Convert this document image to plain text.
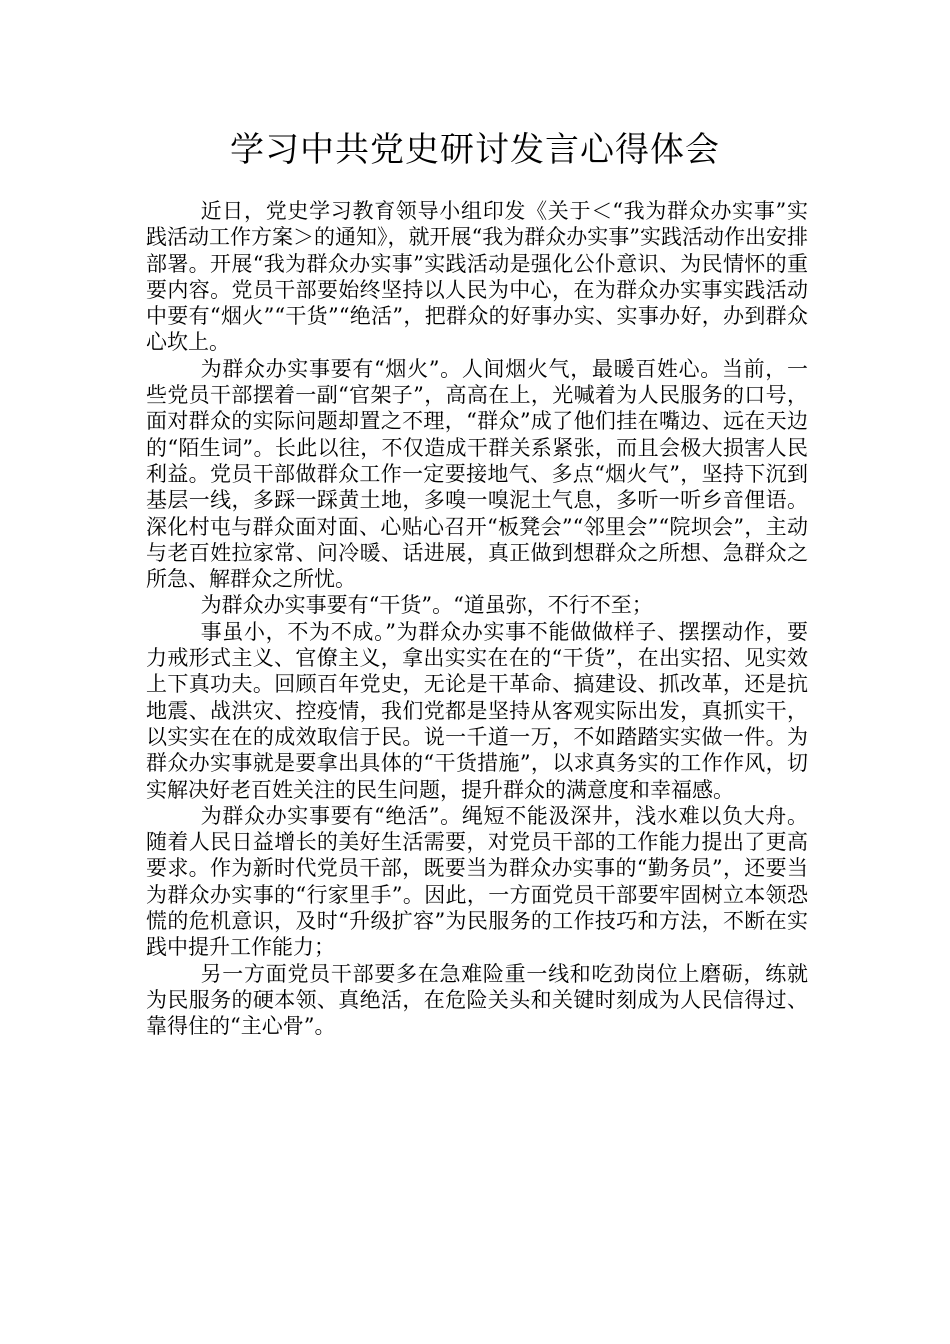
学习中共党史研讨发言心得体会

近日，党史学习教育领导小组印发《关于＜“我为群众办实事”实践活动工作方案＞的通知》，就开展“我为群众办实事”实践活动作出安排部署。开展“我为群众办实事”实践活动是强化公仆意识、为民情怀的重要内容。党员干部要始终坚持以人民为中心，在为群众办实事实践活动中要有“烟火”“干货”“绝活”，把群众的好事办实、实事办好，办到群众心坎上。

为群众办实事要有“烟火”。人间烟火气，最暖百姓心。当前，一些党员干部摆着一副“官架子”，高高在上，光喊着为人民服务的口号，面对群众的实际问题却置之不理，“群众”成了他们挂在嘴边、远在天边的“陌生词”。长此以往，不仅造成干群关系紧张，而且会极大损害人民利益。党员干部做群众工作一定要接地气、多点“烟火气”，坚持下沉到基层一线，多踩一踩黄土地，多嗅一嗅泥土气息，多听一听乡音俚语。深化村屯与群众面对面、心贴心召开“板凳会”“邻里会”“院坝会”，主动与老百姓拉家常、问冷暖、话进展，真正做到想群众之所想、急群众之所急、解群众之所忧。

为群众办实事要有“干货”。“道虽弥，不行不至；

事虽小，不为不成。”为群众办实事不能做做样子、摆摆动作，要力戒形式主义、官僚主义，拿出实实在在的“干货”，在出实招、见实效上下真功夫。回顾百年党史，无论是干革命、搞建设、抓改革，还是抗地震、战洪灾、控疫情，我们党都是坚持从客观实际出发，真抓实干，以实实在在的成效取信于民。说一千道一万，不如踏踏实实做一件。为群众办实事就是要拿出具体的“干货措施”，以求真务实的工作作风，切实解决好老百姓关注的民生问题，提升群众的满意度和幸福感。

为群众办实事要有“绝活”。绳短不能汲深井，浅水难以负大舟。随着人民日益增长的美好生活需要，对党员干部的工作能力提出了更高要求。作为新时代党员干部，既要当为群众办实事的“勤务员”，还要当为群众办实事的“行家里手”。因此，一方面党员干部要牢固树立本领恐慌的危机意识，及时“升级扩容”为民服务的工作技巧和方法，不断在实践中提升工作能力；

另一方面党员干部要多在急难险重一线和吃劲岗位上磨砺，练就为民服务的硬本领、真绝活，在危险关头和关键时刻成为人民信得过、靠得住的“主心骨”。
